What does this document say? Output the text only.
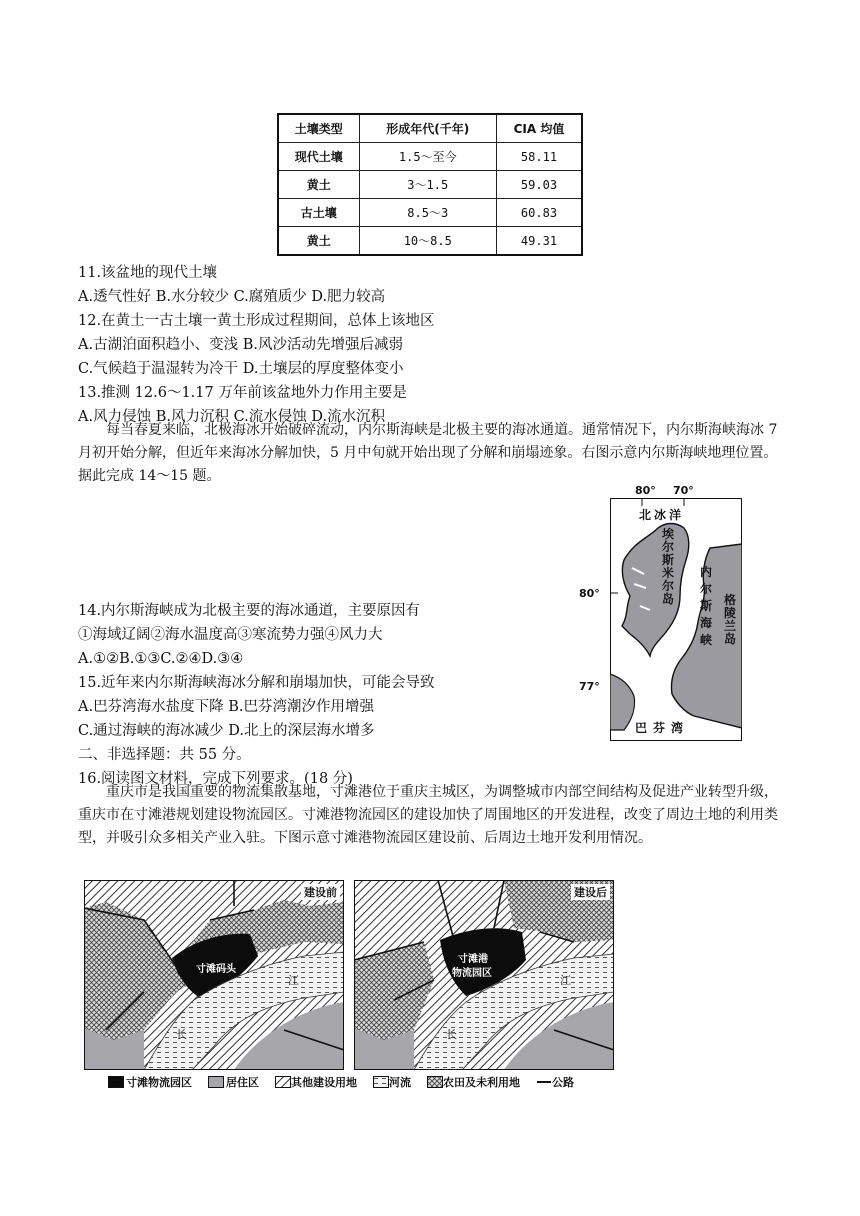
土壤类型	形成年代(千年)	CIA 均值
现代土壤	1.5～至今	58.11
黄土	3～1.5	59.03
古土壤	8.5～3	60.83
黄土	10～8.5	49.31
11.该盆地的现代土壤
A.透气性好 B.水分较少 C.腐殖质少 D.肥力较高
12.在黄土一古土壤一黄土形成过程期间，总体上该地区
A.古湖泊面积趋小、变浅 B.风沙活动先增强后减弱
C.气候趋于温湿转为冷干 D.土壤层的厚度整体变小
13.推测 12.6～1.17 万年前该盆地外力作用主要是
A.风力侵蚀 B.风力沉积 C.流水侵蚀 D.流水沉积
每当春夏来临，北极海冰开始破碎流动，内尔斯海峡是北极主要的海冰通道。通常情况下，内尔斯海峡海冰 7 月初开始分解，但近年来海冰分解加快，5 月中旬就开始出现了分解和崩塌迹象。右图示意内尔斯海峡地理位置。据此完成 14～15 题。
80° 70°
80°
77°
北冰洋
埃尔斯米尔岛
内尔斯海峡
格陵兰岛
巴芬湾
14.内尔斯海峡成为北极主要的海冰通道，主要原因有
①海域辽阔②海水温度高③寒流势力强④风力大
A.①②B.①③C.②④D.③④
15.近年来内尔斯海峡海冰分解和崩塌加快，可能会导致
A.巴芬湾海水盐度下降 B.巴芬湾潮汐作用增强
C.通过海峡的海冰减少 D.北上的深层海水增多
二、非选择题：共 55 分。
16.阅读图文材料，完成下列要求。(18 分)
重庆市是我国重要的物流集散基地，寸滩港位于重庆主城区，为调整城市内部空间结构及促进产业转型升级，重庆市在寸滩港规划建设物流园区。寸滩港物流园区的建设加快了周围地区的开发进程，改变了周边土地的利用类型，并吸引众多相关产业入驻。下图示意寸滩港物流园区建设前、后周边土地开发利用情况。
建设前
寸滩码头
长
江
建设后
寸滩港
物流园区
长
江
寸滩物流园区	居住区	其他建设用地	河流	农田及未利用地	公路
